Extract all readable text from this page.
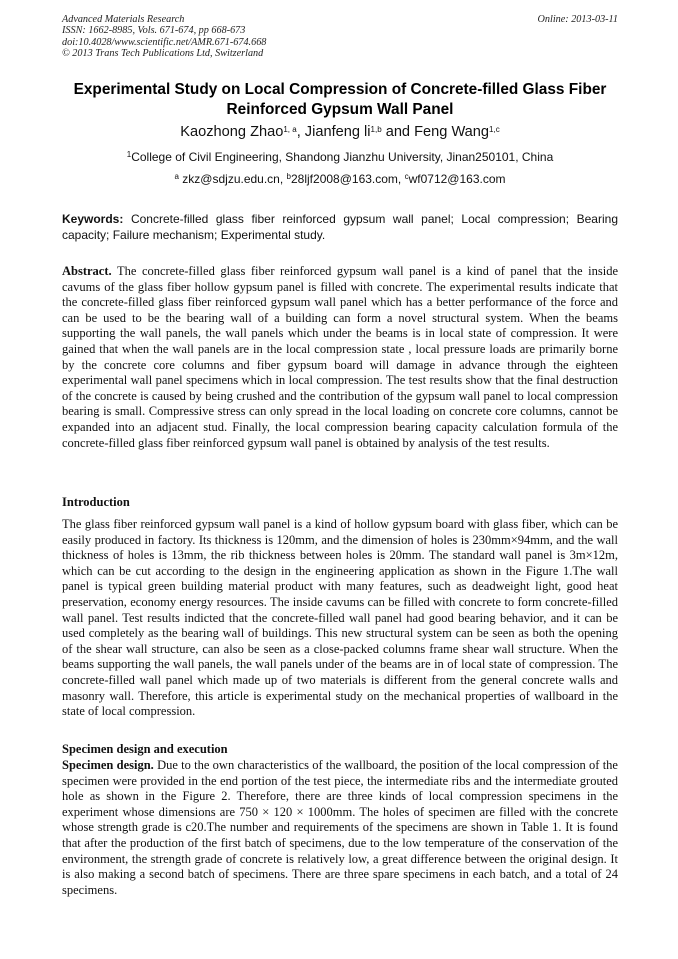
Advanced Materials Research
ISSN: 1662-8985, Vols. 671-674, pp 668-673
doi:10.4028/www.scientific.net/AMR.671-674.668
© 2013 Trans Tech Publications Ltd, Switzerland
Online: 2013-03-11
Experimental Study on Local Compression of Concrete-filled Glass Fiber Reinforced Gypsum Wall Panel
Kaozhong Zhao$^{1, a}$, Jianfeng li$^{1,b}$ and Feng Wang$^{1,c}$
$^1$College of Civil Engineering, Shandong Jianzhu University, Jinan250101, China
$^a$ zkz@sdjzu.edu.cn, $^b$28ljf2008@163.com, $^c$wf0712@163.com
Keywords: Concrete-filled glass fiber reinforced gypsum wall panel; Local compression; Bearing capacity; Failure mechanism; Experimental study.
Abstract. The concrete-filled glass fiber reinforced gypsum wall panel is a kind of panel that the inside cavums of the glass fiber hollow gypsum panel is filled with concrete. The experimental results indicate that the concrete-filled glass fiber reinforced gypsum wall panel which has a better performance of the force and can be used to be the bearing wall of a building can form a novel structural system. When the beams supporting the wall panels, the wall panels which under the beams is in local state of compression. It were gained that when the wall panels are in the local compression state , local pressure loads are primarily borne by the concrete core columns and fiber gypsum board will damage in advance through the eighteen experimental wall panel specimens which in local compression. The test results show that the final destruction of the concrete is caused by being crushed and the contribution of the gypsum wall panel to local compression bearing is small. Compressive stress can only spread in the local loading on concrete core columns, cannot be expanded into an adjacent stud. Finally, the local compression bearing capacity calculation formula of the concrete-filled glass fiber reinforced gypsum wall panel is obtained by analysis of the test results.
Introduction
The glass fiber reinforced gypsum wall panel is a kind of hollow gypsum board with glass fiber, which can be easily produced in factory. Its thickness is 120mm, and the dimension of holes is 230mm×94mm, and the wall thickness of holes is 13mm, the rib thickness between holes is 20mm. The standard wall panel is 3m×12m, which can be cut according to the design in the engineering application as shown in the Figure 1.The wall panel is typical green building material product with many features, such as deadweight light, good heat preservation, economy energy resources. The inside cavums can be filled with concrete to form concrete-filled wall panel. Test results indicted that the concrete-filled wall panel had good bearing behavior, and it can be used completely as the bearing wall of buildings. This new structural system can be seen as both the opening of the shear wall structure, can also be seen as a close-packed columns frame shear wall structure. When the beams supporting the wall panels, the wall panels under of the beams are in of local state of compression. The concrete-filled wall panel which made up of two materials is different from the general concrete walls and masonry wall. Therefore, this article is experimental study on the mechanical properties of wallboard in the state of local compression.
Specimen design and execution
Specimen design. Due to the own characteristics of the wallboard, the position of the local compression of the specimen were provided in the end portion of the test piece, the intermediate ribs and the intermediate grouted hole as shown in the Figure 2. Therefore, there are three kinds of local compression specimens in the experiment whose dimensions are 750 × 120 × 1000mm. The holes of specimen are filled with the concrete whose strength grade is c20.The number and requirements of the specimens are shown in Table 1. It is found that after the production of the first batch of specimens, due to the low temperature of the conservation of the environment, the strength grade of concrete is relatively low, a great difference between the original design. It is also making a second batch of specimens. There are three spare specimens in each batch, and a total of 24 specimens.
